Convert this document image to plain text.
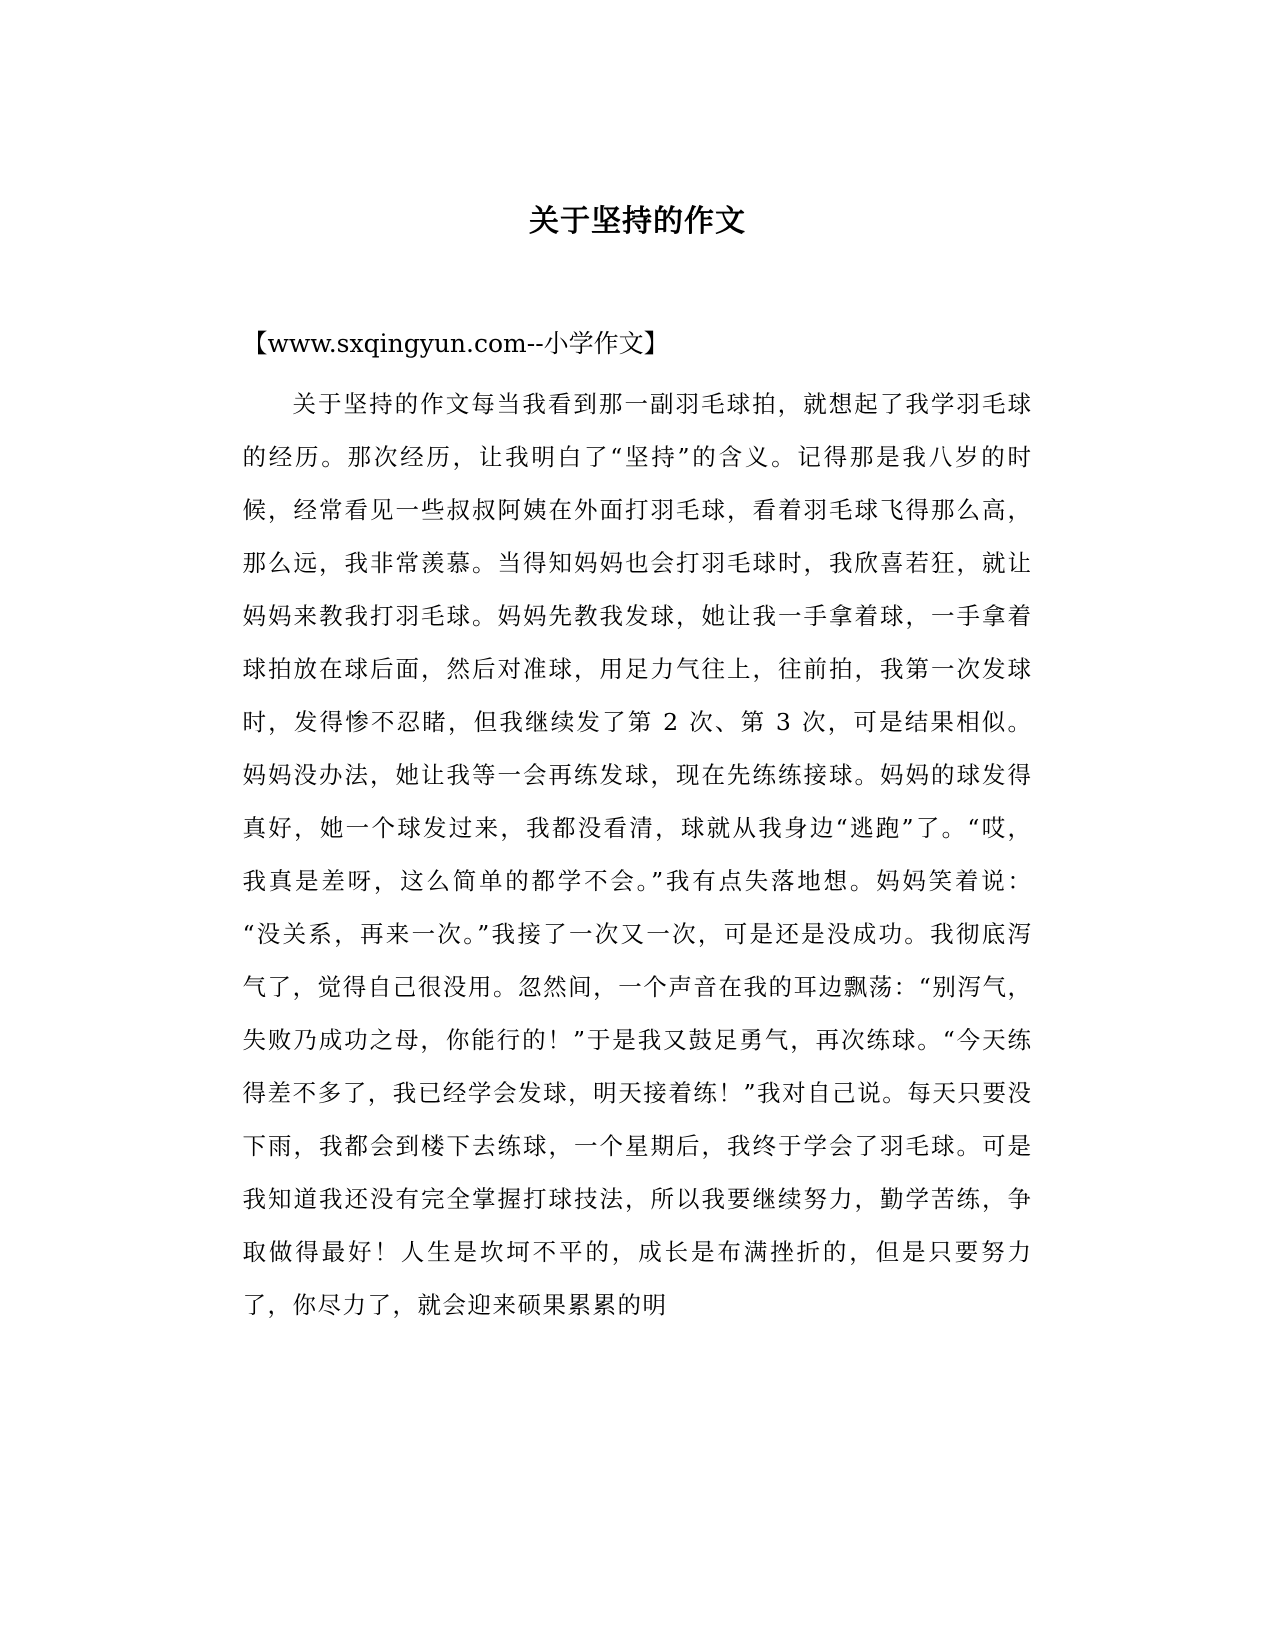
关于坚持的作文

【www.sxqingyun.com--小学作文】

关于坚持的作文每当我看到那一副羽毛球拍，就想起了我学羽毛球的经历。那次经历，让我明白了“坚持”的含义。记得那是我八岁的时候，经常看见一些叔叔阿姨在外面打羽毛球，看着羽毛球飞得那么高，那么远，我非常羡慕。当得知妈妈也会打羽毛球时，我欣喜若狂，就让妈妈来教我打羽毛球。妈妈先教我发球，她让我一手拿着球，一手拿着球拍放在球后面，然后对准球，用足力气往上，往前拍，我第一次发球时，发得惨不忍睹，但我继续发了第 2 次、第 3 次，可是结果相似。妈妈没办法，她让我等一会再练发球，现在先练练接球。妈妈的球发得真好，她一个球发过来，我都没看清，球就从我身边“逃跑”了。“哎，我真是差呀，这么简单的都学不会。”我有点失落地想。妈妈笑着说：“没关系，再来一次。”我接了一次又一次，可是还是没成功。我彻底泻气了，觉得自己很没用。忽然间，一个声音在我的耳边飘荡：“别泻气，失败乃成功之母，你能行的！”于是我又鼓足勇气，再次练球。“今天练得差不多了，我已经学会发球，明天接着练！”我对自己说。每天只要没下雨，我都会到楼下去练球，一个星期后，我终于学会了羽毛球。可是我知道我还没有完全掌握打球技法，所以我要继续努力，勤学苦练，争取做得最好！人生是坎坷不平的，成长是布满挫折的，但是只要努力了，你尽力了，就会迎来硕果累累的明
